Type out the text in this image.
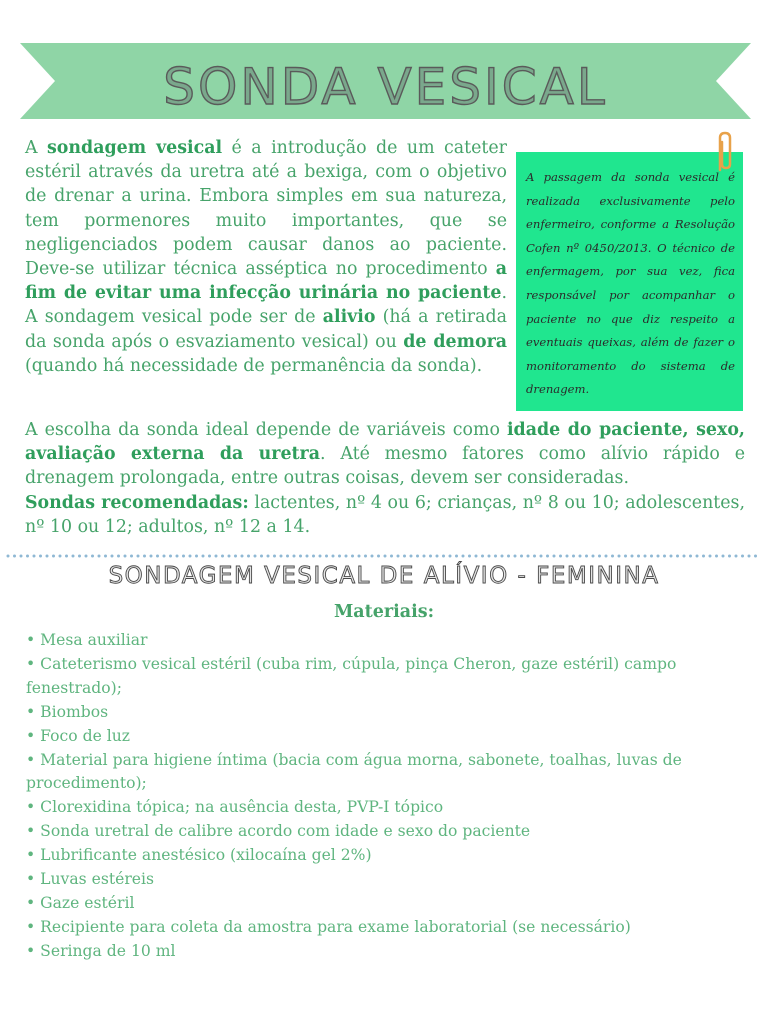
SONDA VESICAL
A sondagem vesical é a introdução de um cateter estéril através da uretra até a bexiga, com o objetivo de drenar a urina. Embora simples em sua natureza, tem pormenores muito importantes, que se negligenciados podem causar danos ao paciente. Deve-se utilizar técnica asséptica no procedimento a fim de evitar uma infecção urinária no paciente. A sondagem vesical pode ser de alivio (há a retirada da sonda após o esvaziamento vesical) ou de demora (quando há necessidade de permanência da sonda).

A passagem da sonda vesical é realizada exclusivamente pelo enfermeiro, conforme a Resolução Cofen nº 0450/2013. O técnico de enfermagem, por sua vez, fica responsável por acompanhar o paciente no que diz respeito a eventuais queixas, além de fazer o monitoramento do sistema de drenagem.

A escolha da sonda ideal depende de variáveis como idade do paciente, sexo, avaliação externa da uretra. Até mesmo fatores como alívio rápido e drenagem prolongada, entre outras coisas, devem ser consideradas.

Sondas recomendadas: lactentes, nº 4 ou 6; crianças, nº 8 ou 10; adolescentes, nº 10 ou 12; adultos, nº 12 a 14.

SONDAGEM VESICAL DE ALÍVIO - FEMININA
Materiais:
• Mesa auxiliar
• Cateterismo vesical estéril (cuba rim, cúpula, pinça Cheron, gaze estéril) campo fenestrado);
• Biombos
• Foco de luz
• Material para higiene íntima (bacia com água morna, sabonete, toalhas, luvas de procedimento);
• Clorexidina tópica; na ausência desta, PVP-I tópico
• Sonda uretral de calibre acordo com idade e sexo do paciente
• Lubrificante anestésico (xilocaína gel 2%)
• Luvas estéreis
• Gaze estéril
• Recipiente para coleta da amostra para exame laboratorial (se necessário)
• Seringa de 10 ml
